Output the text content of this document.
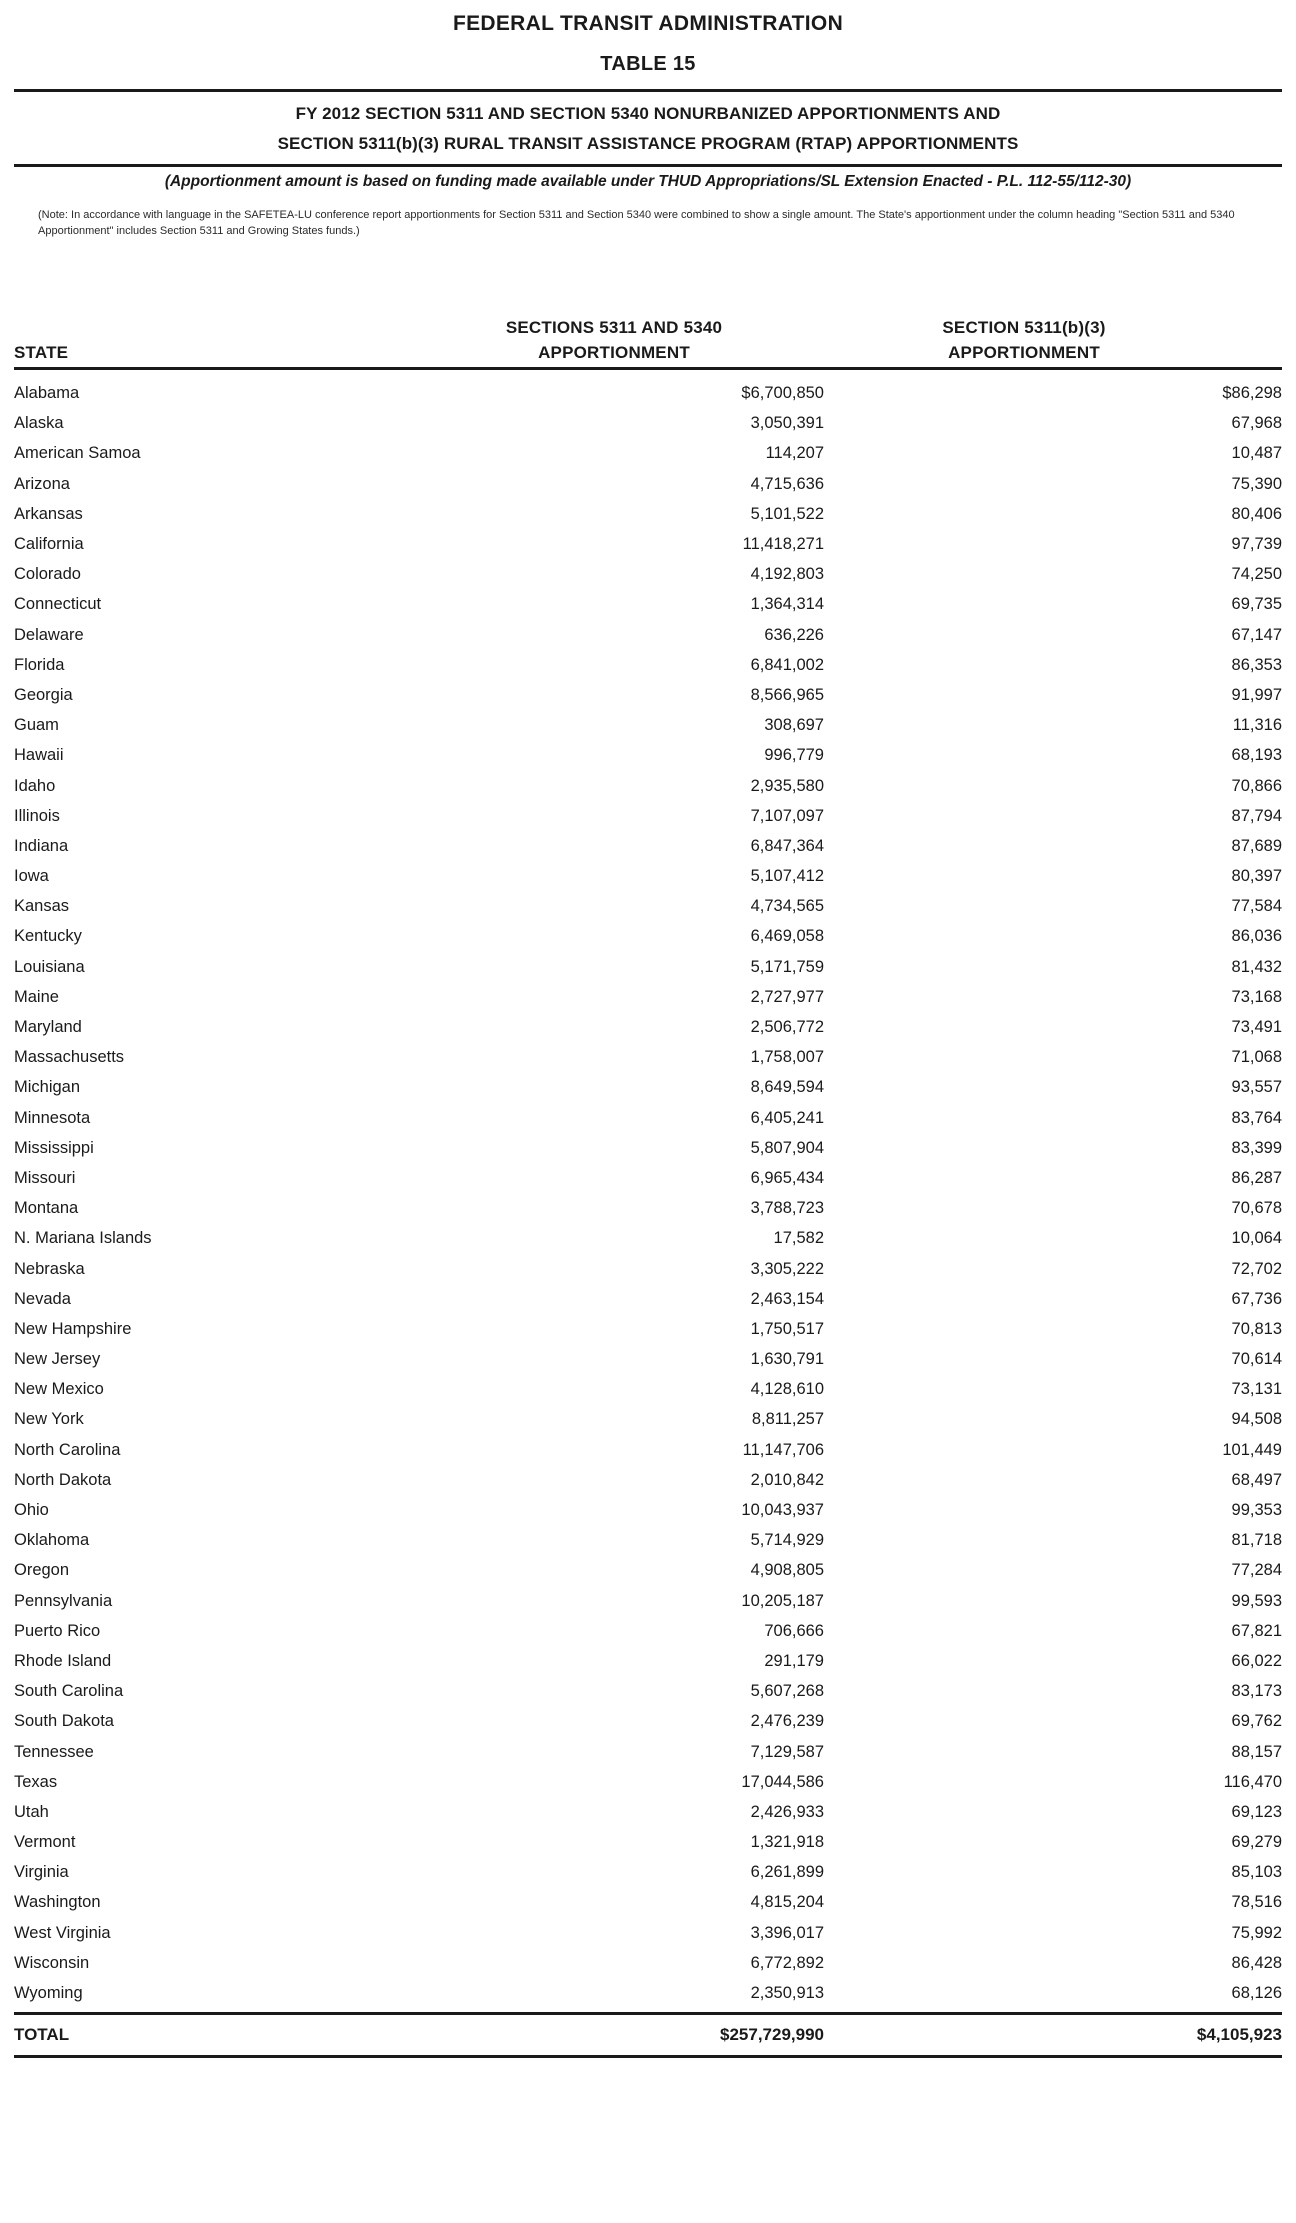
FEDERAL TRANSIT ADMINISTRATION
TABLE 15
FY 2012 SECTION 5311 AND SECTION 5340 NONURBANIZED APPORTIONMENTS AND
SECTION 5311(b)(3) RURAL TRANSIT ASSISTANCE PROGRAM (RTAP) APPORTIONMENTS
(Apportionment amount is based on funding made available under THUD Appropriations/SL Extension Enacted - P.L. 112-55/112-30)
(Note: In accordance with language in the SAFETEA-LU conference report apportionments for Section 5311 and Section 5340 were combined to show a single amount. The State's apportionment under the column heading "Section 5311 and 5340 Apportionment" includes Section 5311 and Growing States funds.)
STATE
SECTIONS 5311 AND 5340
APPORTIONMENT
SECTION 5311(b)(3)
APPORTIONMENT
Alabama	$6,700,850	$86,298
Alaska	3,050,391	67,968
American Samoa	114,207	10,487
Arizona	4,715,636	75,390
Arkansas	5,101,522	80,406
California	11,418,271	97,739
Colorado	4,192,803	74,250
Connecticut	1,364,314	69,735
Delaware	636,226	67,147
Florida	6,841,002	86,353
Georgia	8,566,965	91,997
Guam	308,697	11,316
Hawaii	996,779	68,193
Idaho	2,935,580	70,866
Illinois	7,107,097	87,794
Indiana	6,847,364	87,689
Iowa	5,107,412	80,397
Kansas	4,734,565	77,584
Kentucky	6,469,058	86,036
Louisiana	5,171,759	81,432
Maine	2,727,977	73,168
Maryland	2,506,772	73,491
Massachusetts	1,758,007	71,068
Michigan	8,649,594	93,557
Minnesota	6,405,241	83,764
Mississippi	5,807,904	83,399
Missouri	6,965,434	86,287
Montana	3,788,723	70,678
N. Mariana Islands	17,582	10,064
Nebraska	3,305,222	72,702
Nevada	2,463,154	67,736
New Hampshire	1,750,517	70,813
New Jersey	1,630,791	70,614
New Mexico	4,128,610	73,131
New York	8,811,257	94,508
North Carolina	11,147,706	101,449
North Dakota	2,010,842	68,497
Ohio	10,043,937	99,353
Oklahoma	5,714,929	81,718
Oregon	4,908,805	77,284
Pennsylvania	10,205,187	99,593
Puerto Rico	706,666	67,821
Rhode Island	291,179	66,022
South Carolina	5,607,268	83,173
South Dakota	2,476,239	69,762
Tennessee	7,129,587	88,157
Texas	17,044,586	116,470
Utah	2,426,933	69,123
Vermont	1,321,918	69,279
Virginia	6,261,899	85,103
Washington	4,815,204	78,516
West Virginia	3,396,017	75,992
Wisconsin	6,772,892	86,428
Wyoming	2,350,913	68,126
TOTAL	$257,729,990	$4,105,923
